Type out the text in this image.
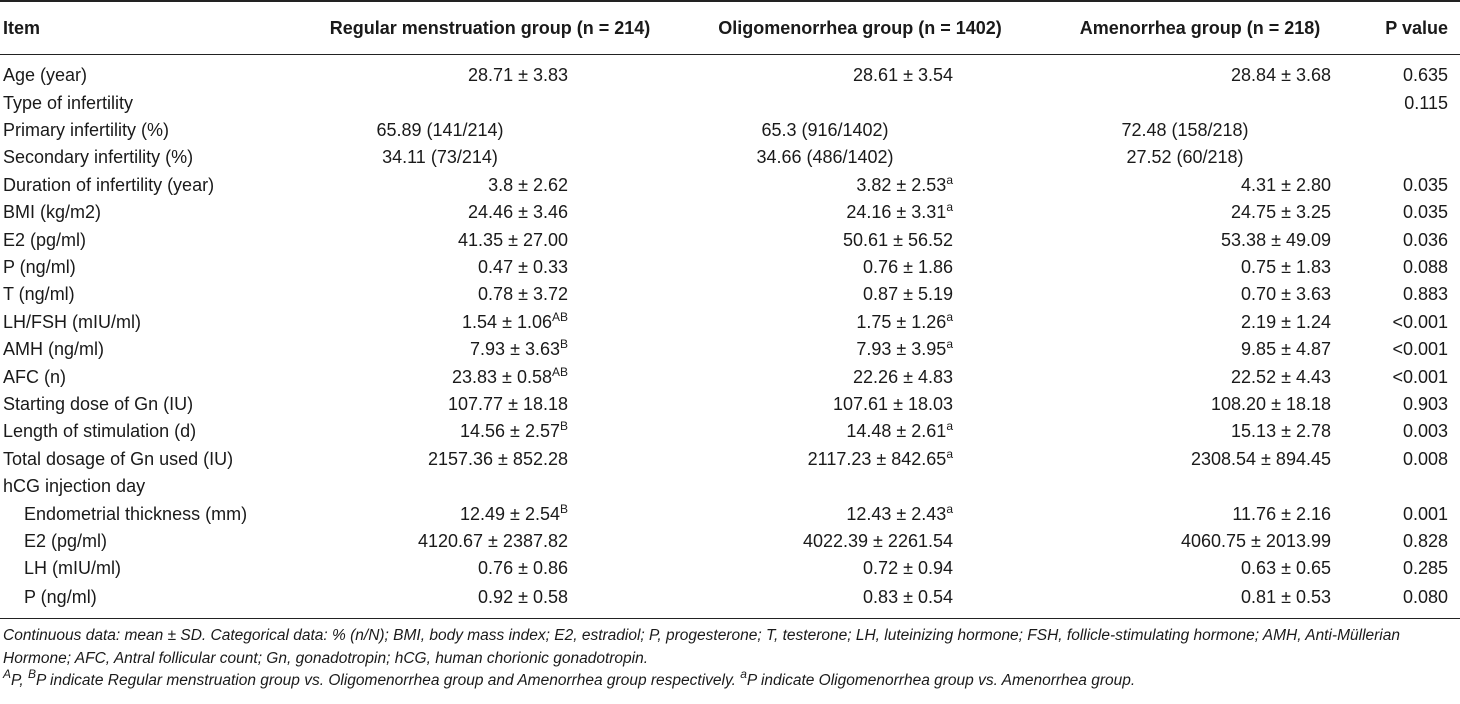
Item	Regular menstruation group (n = 214)	Oligomenorrhea group (n = 1402)	Amenorrhea group (n = 218)	P value
Age (year)	28.71 ± 3.83	28.61 ± 3.54	28.84 ± 3.68	0.635
Type of infertility				0.115
Primary infertility (%)	65.89 (141/214)	65.3 (916/1402)	72.48 (158/218)	
Secondary infertility (%)	34.11 (73/214)	34.66 (486/1402)	27.52 (60/218)	
Duration of infertility (year)	3.8 ± 2.62	3.82 ± 2.53$^a$	4.31 ± 2.80	0.035
BMI (kg/m2)	24.46 ± 3.46	24.16 ± 3.31$^a$	24.75 ± 3.25	0.035
E2 (pg/ml)	41.35 ± 27.00	50.61 ± 56.52	53.38 ± 49.09	0.036
P (ng/ml)	0.47 ± 0.33	0.76 ± 1.86	0.75 ± 1.83	0.088
T (ng/ml)	0.78 ± 3.72	0.87 ± 5.19	0.70 ± 3.63	0.883
LH/FSH (mIU/ml)	$1.54 \pm 1.06^{AB}$	1.75 ± 1.26$^a$	2.19 ± 1.24	<0.001
AMH (ng/ml)	$7.93 \pm 3.63^B$	7.93 ± 3.95$^a$	9.85 ± 4.87	<0.001
AFC (n)	$23.83 \pm 0.58^{AB}$	22.26 ± 4.83	22.52 ± 4.43	<0.001
Starting dose of Gn (IU)	107.77 ± 18.18	107.61 ± 18.03	108.20 ± 18.18	0.903
Length of stimulation (d)	$14.56 \pm 2.57^B$	14.48 ± 2.61$^a$	15.13 ± 2.78	0.003
Total dosage of Gn used (IU)	2157.36 ± 852.28	2117.23 ± 842.65$^a$	2308.54 ± 894.45	0.008
hCG injection day				
Endometrial thickness (mm)	$12.49 \pm 2.54^B$	12.43 ± 2.43$^a$	11.76 ± 2.16	0.001
E2 (pg/ml)	4120.67 ± 2387.82	4022.39 ± 2261.54	4060.75 ± 2013.99	0.828
LH (mIU/ml)	0.76 ± 0.86	0.72 ± 0.94	0.63 ± 0.65	0.285
P (ng/ml)	0.92 ± 0.58	0.83 ± 0.54	0.81 ± 0.53	0.080

Continuous data: mean ± SD. Categorical data: % (n/N); BMI, body mass index; E2, estradiol; P, progesterone; T, testerone; LH, luteinizing hormone; FSH, follicle-stimulating hormone; AMH, Anti-Müllerian Hormone; AFC, Antral follicular count; Gn, gonadotropin; hCG, human chorionic gonadotropin.

$^A$P, $^B$P indicate Regular menstruation group vs. Oligomenorrhea group and Amenorrhea group respectively. $^a$P indicate Oligomenorrhea group vs. Amenorrhea group.
